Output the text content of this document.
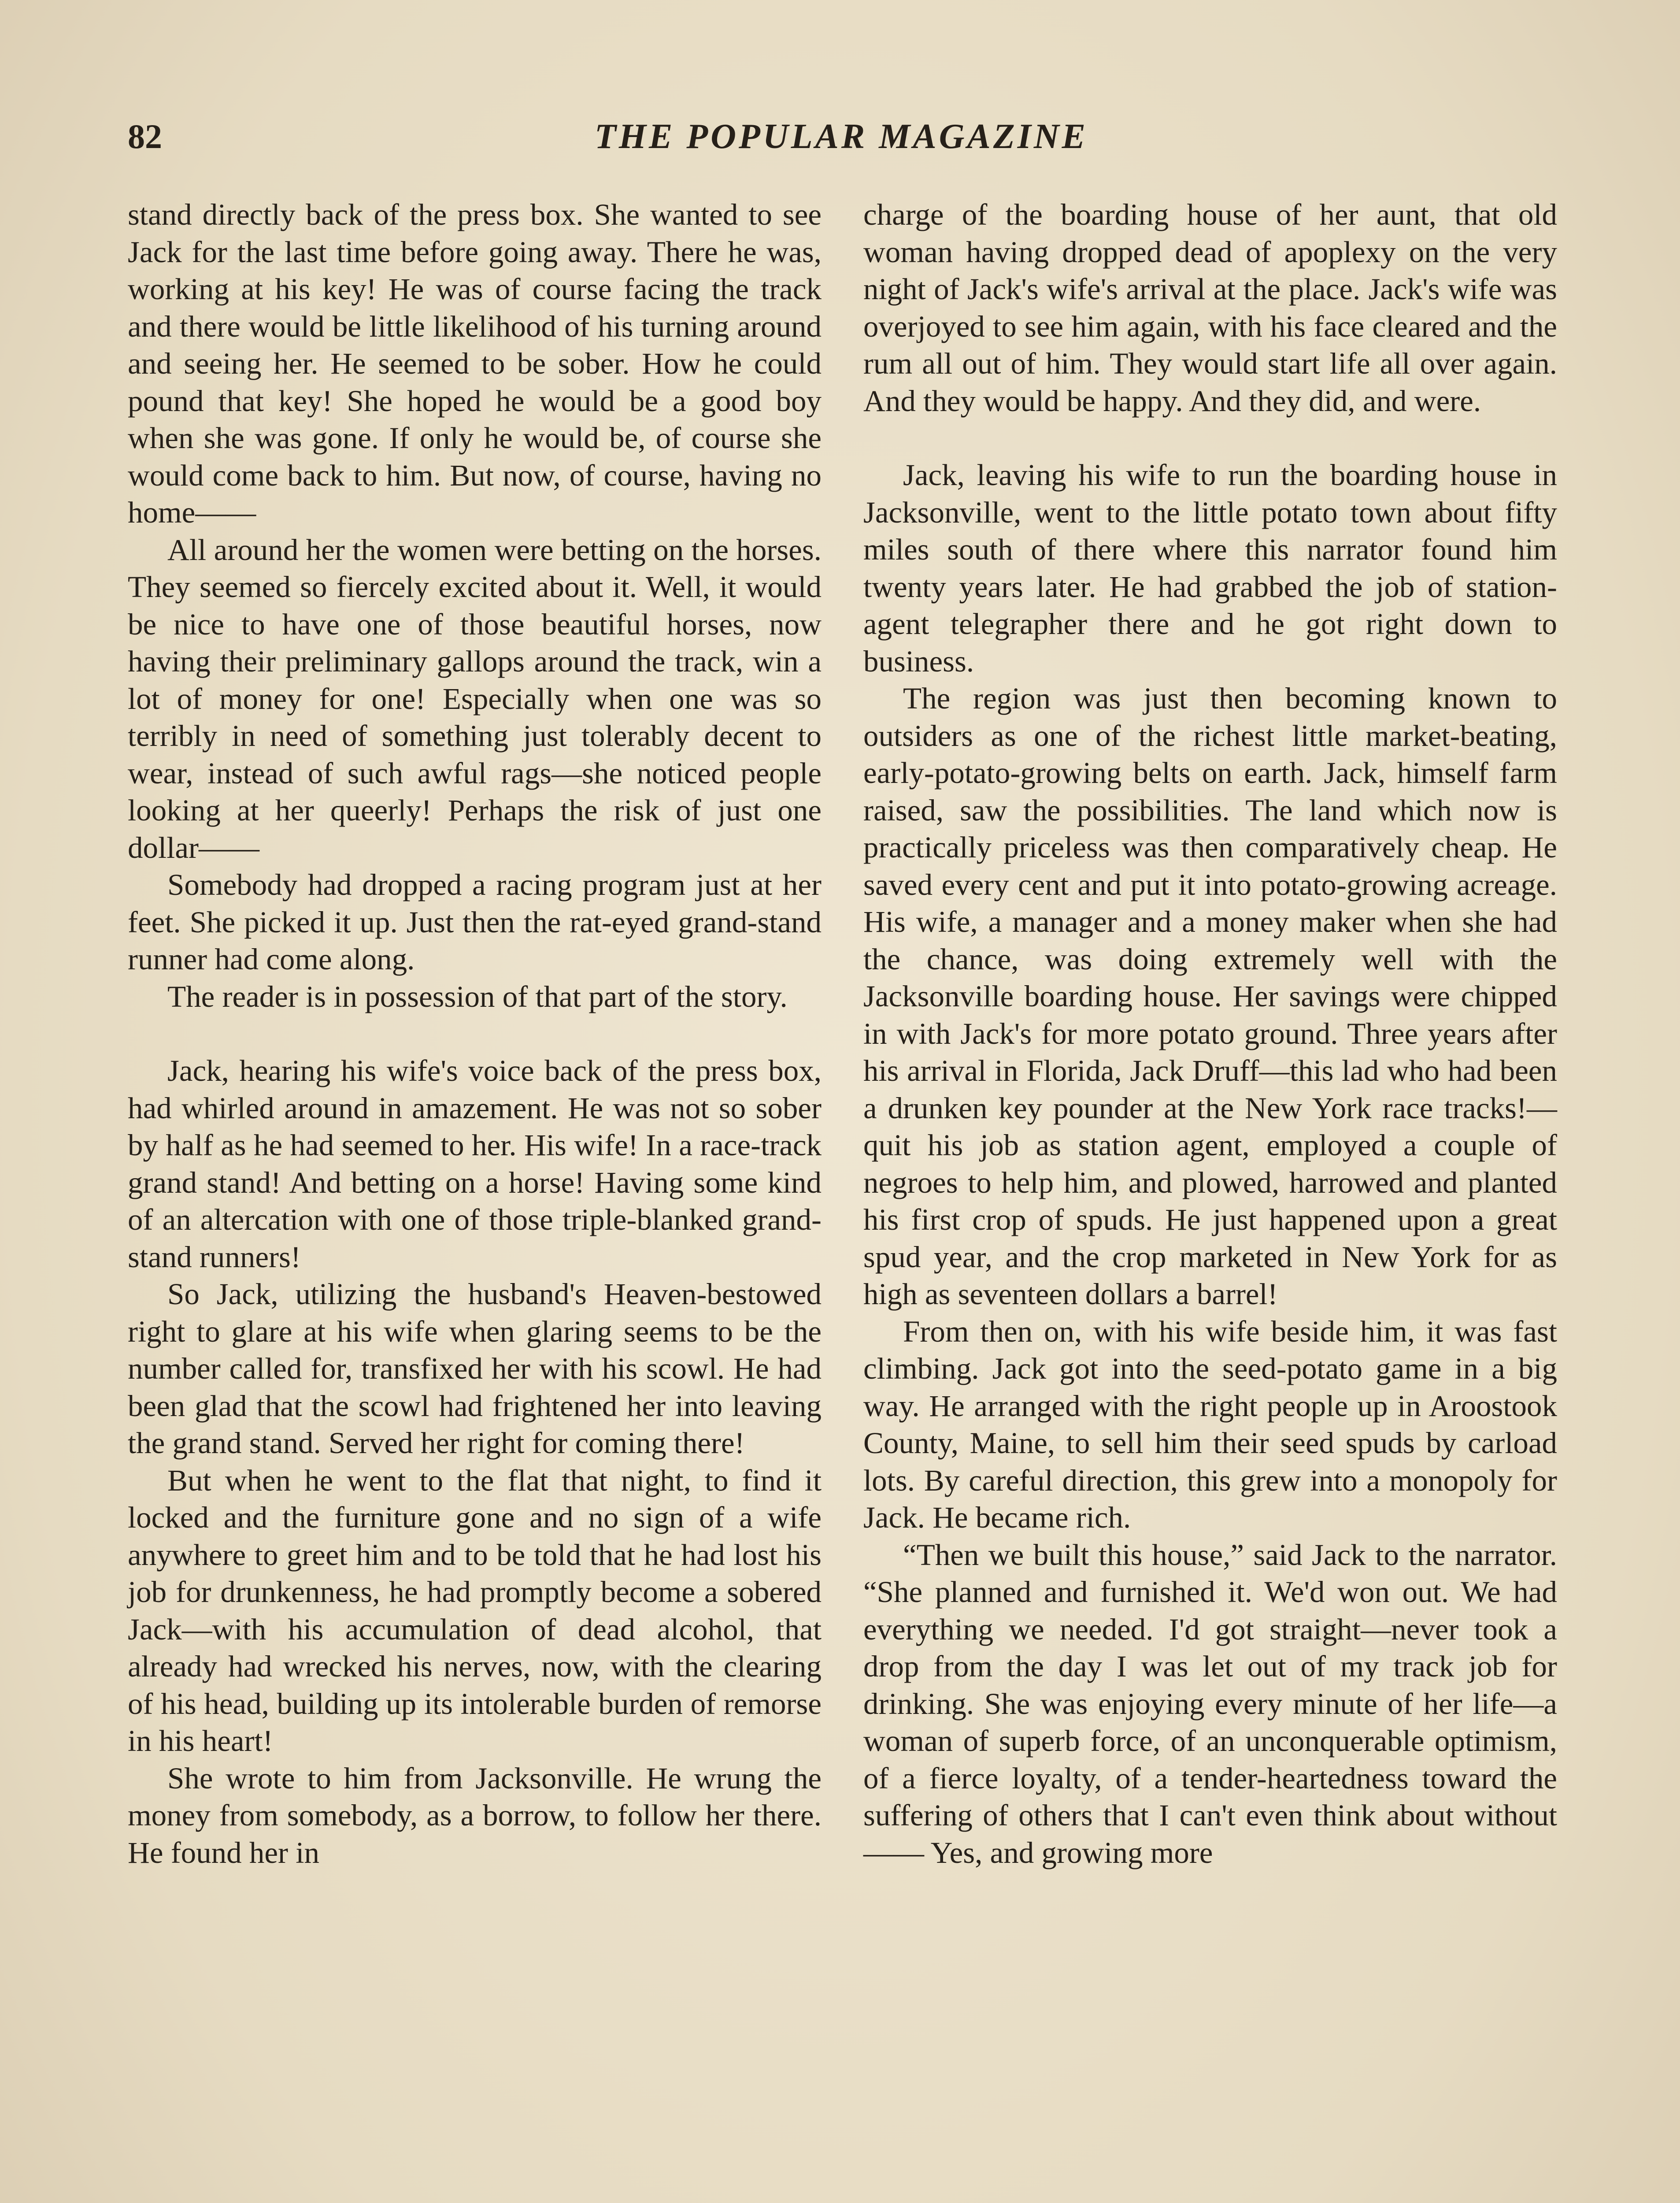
82	THE POPULAR MAGAZINE

stand directly back of the press box. She wanted to see Jack for the last time before going away. There he was, working at his key! He was of course facing the track and there would be little likelihood of his turning around and seeing her. He seemed to be sober. How he could pound that key! She hoped he would be a good boy when she was gone. If only he would be, of course she would come back to him. But now, of course, having no home——

All around her the women were betting on the horses. They seemed so fiercely excited about it. Well, it would be nice to have one of those beautiful horses, now having their preliminary gallops around the track, win a lot of money for one! Especially when one was so terribly in need of something just tolerably decent to wear, instead of such awful rags—she noticed people looking at her queerly! Perhaps the risk of just one dollar——

Somebody had dropped a racing program just at her feet. She picked it up. Just then the rat-eyed grand-stand runner had come along.

The reader is in possession of that part of the story.

Jack, hearing his wife's voice back of the press box, had whirled around in amazement. He was not so sober by half as he had seemed to her. His wife! In a race-track grand stand! And betting on a horse! Having some kind of an altercation with one of those triple-blanked grand-stand runners!

So Jack, utilizing the husband's Heaven-bestowed right to glare at his wife when glaring seems to be the number called for, transfixed her with his scowl. He had been glad that the scowl had frightened her into leaving the grand stand. Served her right for coming there!

But when he went to the flat that night, to find it locked and the furniture gone and no sign of a wife anywhere to greet him and to be told that he had lost his job for drunkenness, he had promptly become a sobered Jack—with his accumulation of dead alcohol, that already had wrecked his nerves, now, with the clearing of his head, building up its intolerable burden of remorse in his heart!

She wrote to him from Jacksonville. He wrung the money from somebody, as a borrow, to follow her there. He found her in

charge of the boarding house of her aunt, that old woman having dropped dead of apoplexy on the very night of Jack's wife's arrival at the place. Jack's wife was overjoyed to see him again, with his face cleared and the rum all out of him. They would start life all over again. And they would be happy. And they did, and were.

Jack, leaving his wife to run the boarding house in Jacksonville, went to the little potato town about fifty miles south of there where this narrator found him twenty years later. He had grabbed the job of station-agent telegrapher there and he got right down to business.

The region was just then becoming known to outsiders as one of the richest little market-beating, early-potato-growing belts on earth. Jack, himself farm raised, saw the possibilities. The land which now is practically priceless was then comparatively cheap. He saved every cent and put it into potato-growing acreage. His wife, a manager and a money maker when she had the chance, was doing extremely well with the Jacksonville boarding house. Her savings were chipped in with Jack's for more potato ground. Three years after his arrival in Florida, Jack Druff—this lad who had been a drunken key pounder at the New York race tracks!—quit his job as station agent, employed a couple of negroes to help him, and plowed, harrowed and planted his first crop of spuds. He just happened upon a great spud year, and the crop marketed in New York for as high as seventeen dollars a barrel!

From then on, with his wife beside him, it was fast climbing. Jack got into the seed-potato game in a big way. He arranged with the right people up in Aroostook County, Maine, to sell him their seed spuds by carload lots. By careful direction, this grew into a monopoly for Jack. He became rich.

“Then we built this house,” said Jack to the narrator. “She planned and furnished it. We'd won out. We had everything we needed. I'd got straight—never took a drop from the day I was let out of my track job for drinking. She was enjoying every minute of her life—a woman of superb force, of an unconquerable optimism, of a fierce loyalty, of a tender-heartedness toward the suffering of others that I can't even think about without—— Yes, and growing more
